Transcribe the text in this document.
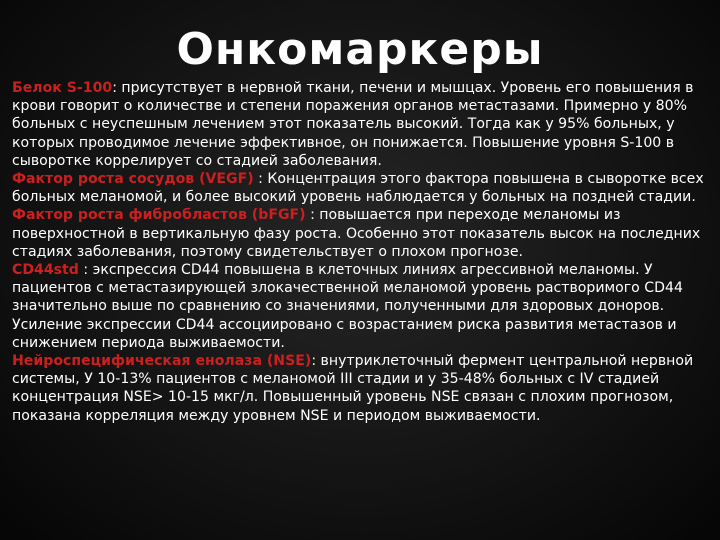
Онкомаркеры

Белок S-100: присутствует в нервной ткани, печени и мышцах. Уровень его повышения в крови говорит о количестве и степени поражения органов метастазами. Примерно у 80% больных с неуспешным лечением этот показатель высокий. Тогда как у 95% больных, у которых проводимое лечение эффективное, он понижается. Повышение уровня S-100 в сыворотке коррелирует со стадией заболевания.

Фактор роста сосудов (VEGF) : Концентрация этого фактора повышена в сыворотке всех больных меланомой, и более высокий уровень наблюдается у больных на поздней стадии.

Фактор роста фибробластов (bFGF) : повышается при переходе меланомы из поверхностной в вертикальную фазу роста. Особенно этот показатель высок на последних стадиях заболевания, поэтому свидетельствует о плохом прогнозе.

CD44std : экспрессия CD44 повышена в клеточных линиях агрессивной меланомы. У пациентов с метастазирующей злокачественной меланомой уровень растворимого CD44 значительно выше по сравнению со значениями, полученными для здоровых доноров. Усиление экспрессии CD44 ассоциировано с возрастанием риска развития метастазов и снижением периода выживаемости.

Нейроспецифическая енолаза (NSE): внутриклеточный фермент центральной нервной системы, У 10-13% пациентов с меланомой III стадии и у 35-48% больных с IV стадией концентрация NSE> 10-15 мкг/л. Повышенный уровень NSE связан с плохим прогнозом, показана корреляция между уровнем NSE и периодом выживаемости.
